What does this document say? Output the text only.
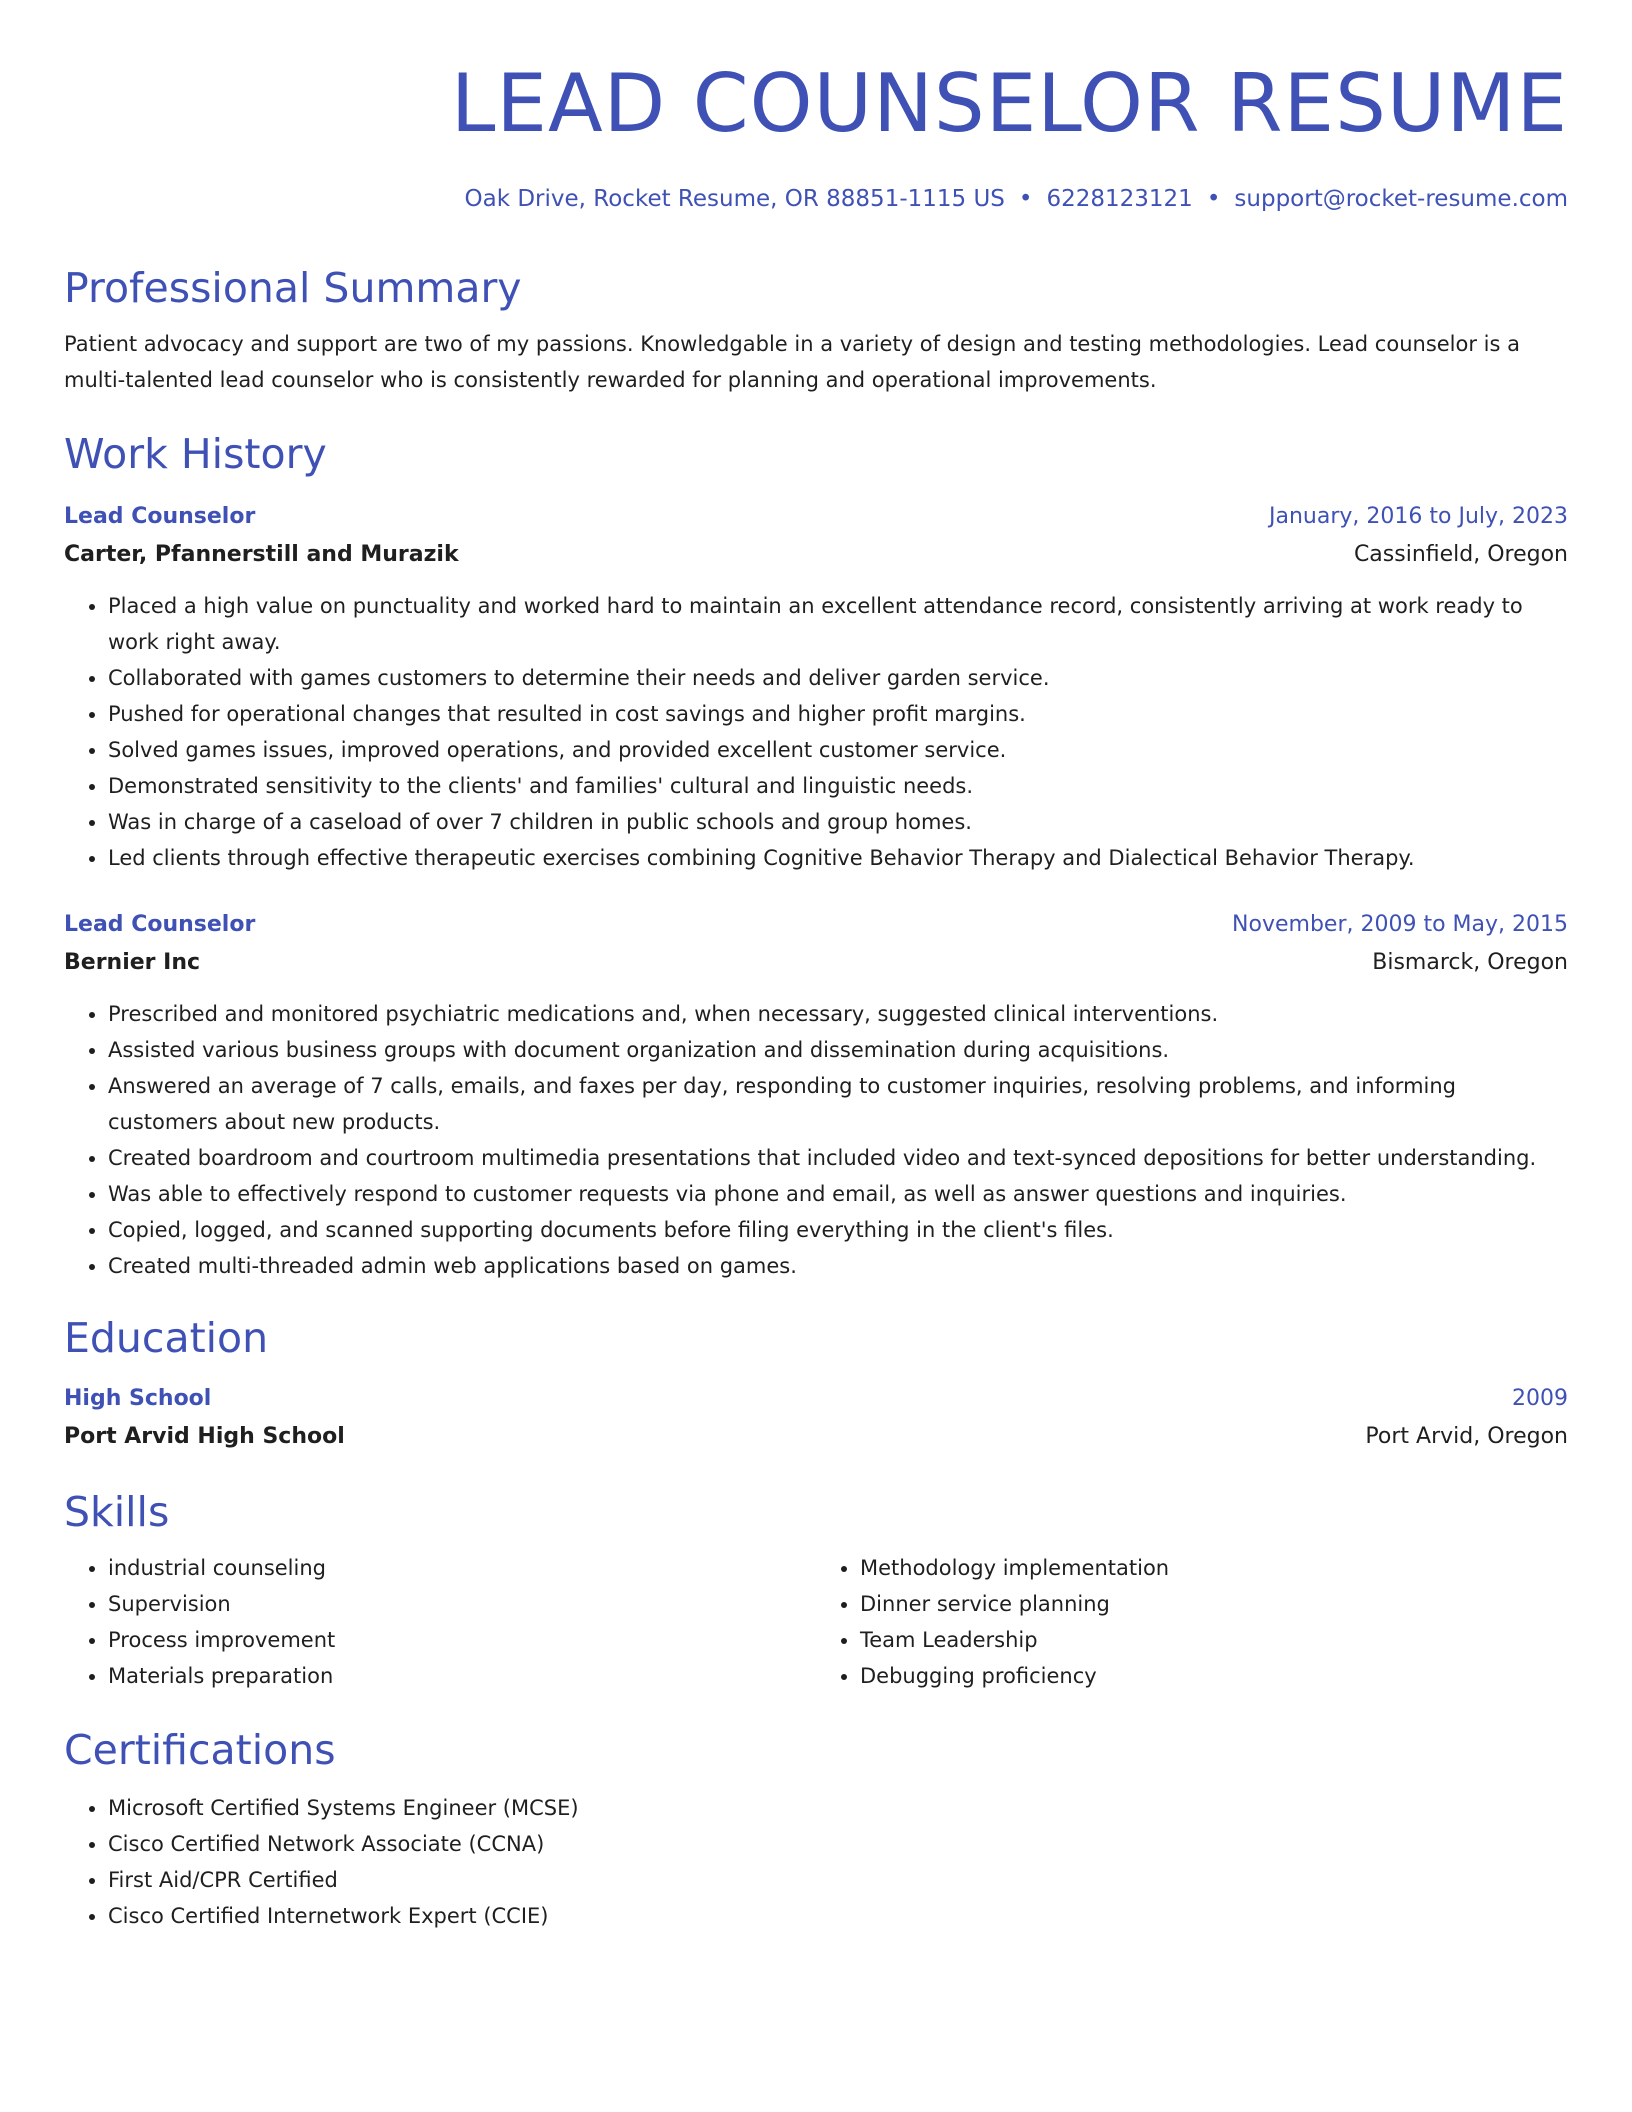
LEAD COUNSELOR RESUME
Oak Drive, Rocket Resume, OR 88851-1115 US • 6228123121 • support@rocket-resume.com
Professional Summary

Patient advocacy and support are two of my passions. Knowledgable in a variety of design and testing methodologies. Lead counselor is a multi-talented lead counselor who is consistently rewarded for planning and operational improvements.

Work History
Lead Counselor	January, 2016 to July, 2023
Carter, Pfannerstill and Murazik	Cassinfield, Oregon
• Placed a high value on punctuality and worked hard to maintain an excellent attendance record, consistently arriving at work ready to work right away.
• Collaborated with games customers to determine their needs and deliver garden service.
• Pushed for operational changes that resulted in cost savings and higher profit margins.
• Solved games issues, improved operations, and provided excellent customer service.
• Demonstrated sensitivity to the clients' and families' cultural and linguistic needs.
• Was in charge of a caseload of over 7 children in public schools and group homes.
• Led clients through effective therapeutic exercises combining Cognitive Behavior Therapy and Dialectical Behavior Therapy.
Lead Counselor	November, 2009 to May, 2015
Bernier Inc	Bismarck, Oregon
• Prescribed and monitored psychiatric medications and, when necessary, suggested clinical interventions.
• Assisted various business groups with document organization and dissemination during acquisitions.
• Answered an average of 7 calls, emails, and faxes per day, responding to customer inquiries, resolving problems, and informing customers about new products.
• Created boardroom and courtroom multimedia presentations that included video and text-synced depositions for better understanding.
• Was able to effectively respond to customer requests via phone and email, as well as answer questions and inquiries.
• Copied, logged, and scanned supporting documents before filing everything in the client's files.
• Created multi-threaded admin web applications based on games.
Education
High School	2009
Port Arvid High School	Port Arvid, Oregon
Skills
• industrial counseling
• Supervision
• Process improvement
• Materials preparation
• Methodology implementation
• Dinner service planning
• Team Leadership
• Debugging proficiency
Certifications
• Microsoft Certified Systems Engineer (MCSE)
• Cisco Certified Network Associate (CCNA)
• First Aid/CPR Certified
• Cisco Certified Internetwork Expert (CCIE)
